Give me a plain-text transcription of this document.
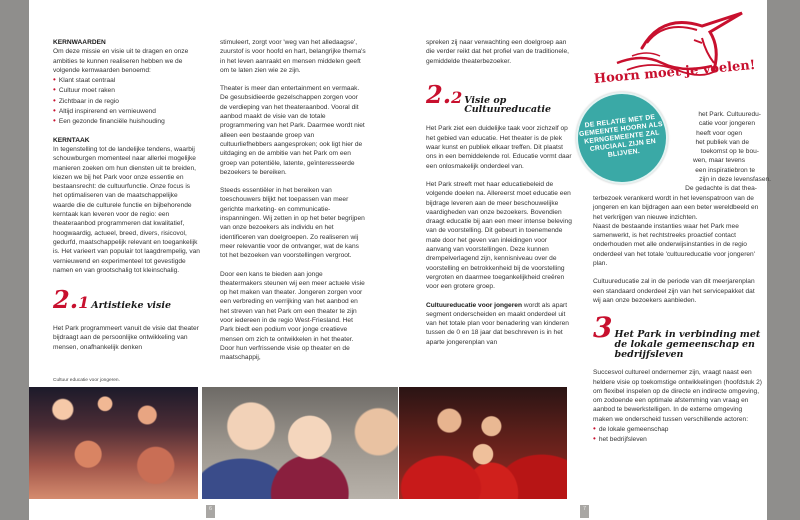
KERNWAARDEN
Om deze missie en visie uit te dragen en onze ambities te kunnen realiseren hebben we de volgende kernwaarden benoemd:
• Klant staat centraal
• Cultuur moet raken
• Zichtbaar in de regio
• Altijd inspirerend en vernieuwend
• Een gezonde financiële huishouding
KERNTAAK

In tegenstelling tot de landelijke tendens, waarbij schouwburgen momenteel naar allerlei mogelijke manieren zoeken om hun diensten uit te breiden, kiezen we bij het Park voor onze essentie en bestaansrecht: de cultuurfunctie. Onze focus is het optimaliseren van de maatschappelijke waarde die de culturele functie en bijbehorende kerntaak kan leveren voor de regio: een theateraanbod programmeren dat kwalitatief, hoogwaardig, actueel, breed, divers, risicovol, gedurfd, maatschappelijk relevant en toegankelijk is. Het varieert van populair tot laagdrempelig, van vernieuwend en experimenteel tot gevestigde namen en van grootschalig tot kleinschalig.

2.1 Artistieke visie

Het Park programmeert vanuit de visie dat theater bijdraagt aan de persoonlijke ontwikkeling van mensen, onafhankelijk denken

Cultuur educatie voor jongeren.

stimuleert, zorgt voor 'weg van het alledaagse', zuurstof is voor hoofd en hart, belangrijke thema's in het leven aanraakt en mensen middelen geeft om te laten zien wie ze zijn.

Theater is meer dan entertainment en vermaak. De gesubsidieerde gezelschappen zorgen voor de verdieping van het theateraanbod. Vooral dit aanbod maakt de visie van de totale programmering van het Park. Daarmee wordt niet alleen een bestaande groep van cultuurliefhebbers aangesproken; ook ligt hier de uitdaging en de ambitie van het Park om een groep van potentiële, latente, geïnteresseerde bezoekers te bereiken.

Steeds essentiëler in het bereiken van toeschouwers blijkt het toepassen van meer gerichte marketing- en communicatie-inspanningen. Wij zetten in op het beter begrijpen van onze bezoekers als individu en het identificeren van doelgroepen. Zo realiseren wij meer relevantie voor de ontvanger, wat de kans tot het bezoeken van voorstellingen vergroot.

Door een kans te bieden aan jonge theatermakers steunen wij een meer actuele visie op het maken van theater. Jongeren zorgen voor een verbreding en verrijking van het aanbod en het streven van het Park om een theater te zijn voor iedereen in de regio West-Friesland. Het Park biedt een podium voor jonge creatieve mensen om zich te ontwikkelen in het theater. Door hun verfrissende visie op theater en de maatschappij,

spreken zij naar verwachting een doelgroep aan die verder reikt dat het profiel van de traditionele, gemiddelde theaterbezoeker.

2.2 Visie op Cultuureducatie

Het Park ziet een duidelijke taak voor zichzelf op het gebied van educatie. Het theater is de plek waar kunst en publiek elkaar treffen. Dit plaatst ons in een bemiddelende rol. Educatie vormt daar een onlosmakelijk onderdeel van.

Het Park streeft met haar educatiebeleid de volgende doelen na. Allereerst moet educatie een bijdrage leveren aan de meer beschouwelijke vaardigheden van onze bezoekers. Bovendien draagt educatie bij aan een meer intense beleving van de voorstelling. Dit gebeurt in toenemende mate door het geven van inleidingen voor aanvang van voorstellingen. Deze kunnen drempelverlagend zijn, kennisniveau over de voorstelling en betrokkenheid bij de voorstelling vergroten en daarmee toegankelijkheid creëren voor een grotere groep.

Cultuureducatie voor jongeren wordt als apart segment onderscheiden en maakt onderdeel uit van het totale plan voor benadering van kinderen tussen de 0 en 18 jaar dat beschreven is in het aparte jongerenplan van

Hoorn moet je voelen!
DE RELATIE MET DE GEMEENTE HOORN ALS KERNGEMEENTE ZAL CRUCIAAL ZIJN EN BLIJVEN.
het Park. Cultuuredu-
catie voor jongeren
heeft voor ogen
het publiek van de
toekomst op te bou-
wen, maar tevens
een inspiratiebron te
zijn in deze levensfasen.
De gedachte is dat thea-
terbezoek verankerd wordt in het levenspatroon van de jongeren en kan bijdragen aan een beter wereldbeeld en het verkrijgen van nieuwe inzichten.

Naast de bestaande instanties waar het Park mee samenwerkt, is het rechtstreeks proactief contact onderhouden met alle onderwijsinstanties in de regio onderdeel van het totale 'cultuureducatie voor jongeren' plan.

Cultuureducatie zal in de periode van dit meerjarenplan een standaard onderdeel zijn van het servicepakket dat wij aan onze bezoekers aanbieden.

3 Het Park in verbinding met de lokale gemeenschap en bedrijfsleven
Succesvol cultureel ondernemer zijn, vraagt naast een heldere visie op toekomstige ontwikkelingen (hoofdstuk 2) om flexibel inspelen op de directe en indirecte omgeving, om zodoende een optimale afstemming van vraag en aanbod te bewerkstelligen. In de externe omgeving maken we onderscheid tussen verschillende actoren:
• de lokale gemeenschap
• het bedrijfsleven
6	7
